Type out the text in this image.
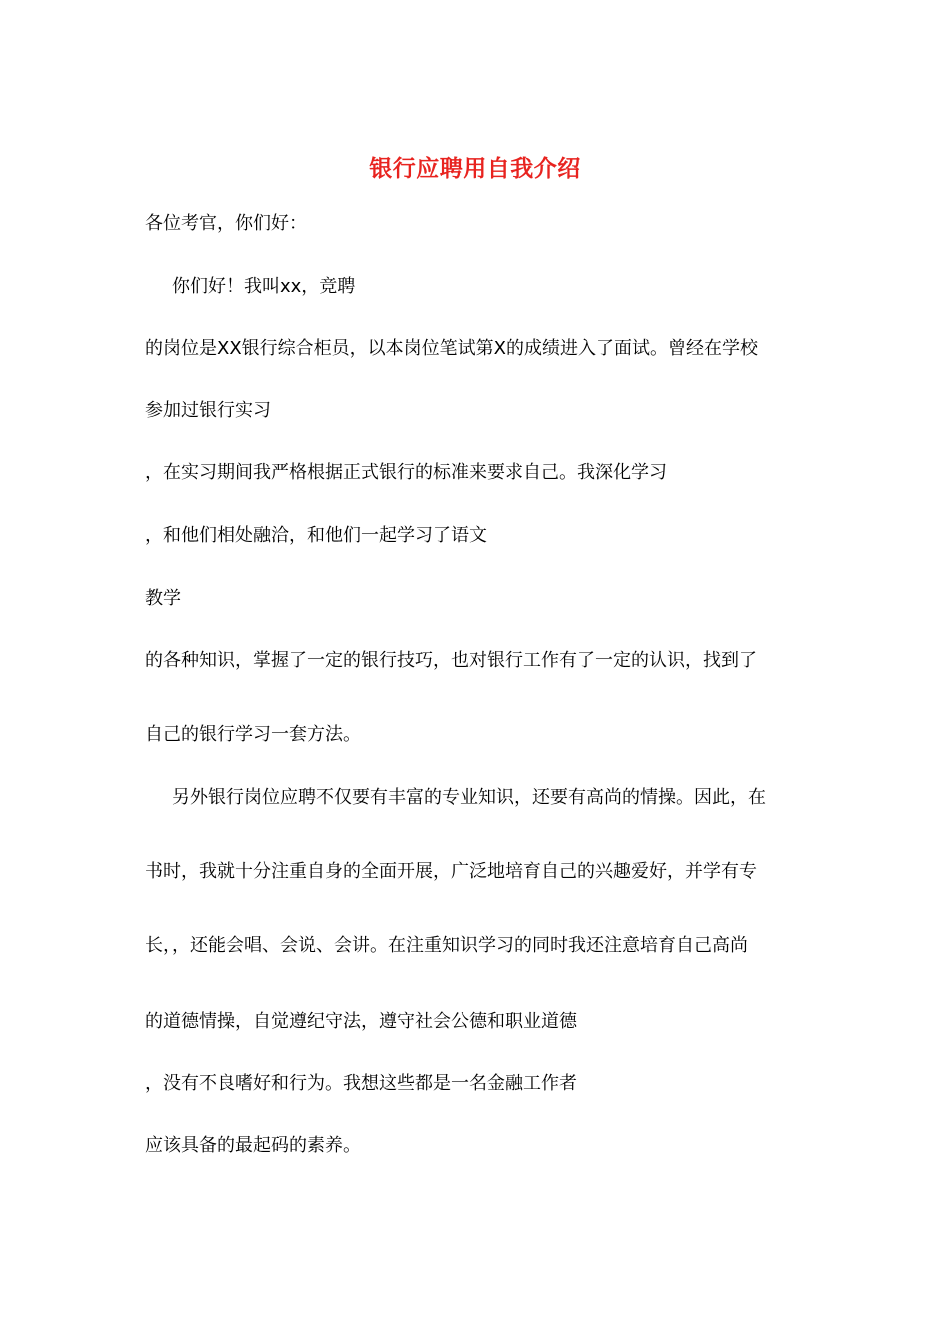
银行应聘用自我介绍
各位考官，你们好：
你们好！我叫xx，竞聘
的岗位是XX银行综合柜员，以本岗位笔试第X的成绩进入了面试。曾经在学校
参加过银行实习
，在实习期间我严格根据正式银行的标准来要求自己。我深化学习
，和他们相处融洽，和他们一起学习了语文
教学
的各种知识，掌握了一定的银行技巧，也对银行工作有了一定的认识，找到了
自己的银行学习一套方法。
另外银行岗位应聘不仅要有丰富的专业知识，还要有高尚的情操。因此，在
书时，我就十分注重自身的全面开展，广泛地培育自己的兴趣爱好，并学有专
长，，还能会唱、会说、会讲。在注重知识学习的同时我还注意培育自己高尚
的道德情操，自觉遵纪守法，遵守社会公德和职业道德
，没有不良嗜好和行为。我想这些都是一名金融工作者
应该具备的最起码的素养。
